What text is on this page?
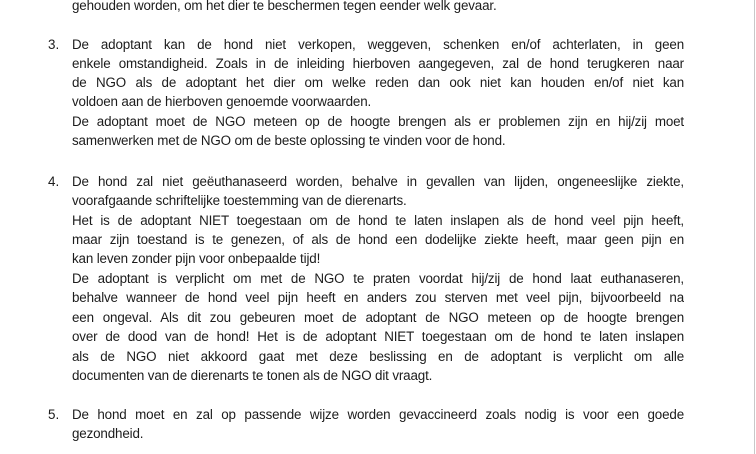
gehouden worden, om het dier te beschermen tegen eender welk gevaar.
3. De adoptant kan de hond niet verkopen, weggeven, schenken en/of achterlaten, in geen
enkele omstandigheid. Zoals in de inleiding hierboven aangegeven, zal de hond terugkeren naar
de NGO als de adoptant het dier om welke reden dan ook niet kan houden en/of niet kan
voldoen aan de hierboven genoemde voorwaarden.
De adoptant moet de NGO meteen op de hoogte brengen als er problemen zijn en hij/zij moet
samenwerken met de NGO om de beste oplossing te vinden voor de hond.
4. De hond zal niet geëuthanaseerd worden, behalve in gevallen van lijden, ongeneeslijke ziekte,
voorafgaande schriftelijke toestemming van de dierenarts.
Het is de adoptant NIET toegestaan om de hond te laten inslapen als de hond veel pijn heeft,
maar zijn toestand is te genezen, of als de hond een dodelijke ziekte heeft, maar geen pijn en
kan leven zonder pijn voor onbepaalde tijd!
De adoptant is verplicht om met de NGO te praten voordat hij/zij de hond laat euthanaseren,
behalve wanneer de hond veel pijn heeft en anders zou sterven met veel pijn, bijvoorbeeld na
een ongeval. Als dit zou gebeuren moet de adoptant de NGO meteen op de hoogte brengen
over de dood van de hond! Het is de adoptant NIET toegestaan om de hond te laten inslapen
als de NGO niet akkoord gaat met deze beslissing en de adoptant is verplicht om alle
documenten van de dierenarts te tonen als de NGO dit vraagt.
5. De hond moet en zal op passende wijze worden gevaccineerd zoals nodig is voor een goede
gezondheid.
